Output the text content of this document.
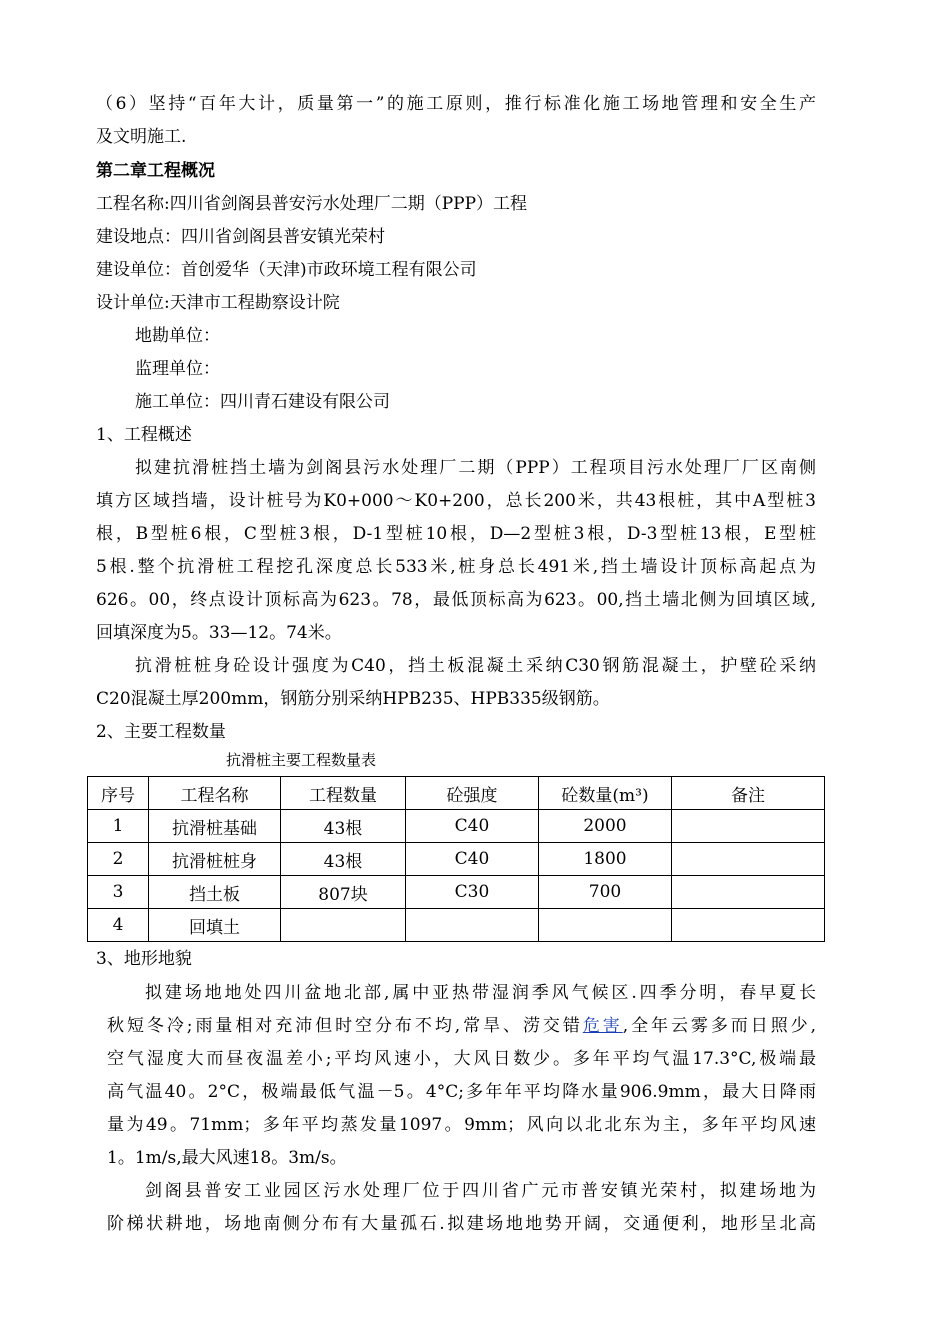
（6）坚持“百年大计，质量第一”的施工原则，推行标准化施工场地管理和安全生产
及文明施工.
第二章工程概况
工程名称:四川省剑阁县普安污水处理厂二期（PPP）工程
建设地点：四川省剑阁县普安镇光荣村
建设单位：首创爱华（天津)市政环境工程有限公司
设计单位:天津市工程勘察设计院
地勘单位：
监理单位：
施工单位：四川青石建设有限公司
1、工程概述
拟建抗滑桩挡土墙为剑阁县污水处理厂二期（PPP）工程项目污水处理厂厂区南侧
填方区域挡墙，设计桩号为K0+000～K0+200，总长200米，共43根桩，其中A型桩3
根，B型桩6根，C型桩3根，D-1型桩10根，D—2型桩3根，D-3型桩13根，E型桩
5根.整个抗滑桩工程挖孔深度总长533米,桩身总长491米,挡土墙设计顶标高起点为
626。00，终点设计顶标高为623。78，最低顶标高为623。00,挡土墙北侧为回填区域,
回填深度为5。33—12。74米。
抗滑桩桩身砼设计强度为C40，挡土板混凝土采纳C30钢筋混凝土，护壁砼采纳
C20混凝土厚200mm，钢筋分别采纳HPB235、HPB335级钢筋。
2、主要工程数量
抗滑桩主要工程数量表
序号	工程名称	工程数量	砼强度	砼数量(m³)	备注
1	抗滑桩基础	43根	C40	2000	
2	抗滑桩桩身	43根	C40	1800	
3	挡土板	807块	C30	700	
4	回填土				
3、地形地貌
拟建场地地处四川盆地北部,属中亚热带湿润季风气候区.四季分明，春早夏长
秋短冬冷;雨量相对充沛但时空分布不均,常旱、涝交错危害,全年云雾多而日照少,
空气湿度大而昼夜温差小;平均风速小，大风日数少。多年平均气温17.3°C,极端最
高气温40。2°C，极端最低气温－5。4°C;多年年平均降水量906.9mm，最大日降雨
量为49。71mm；多年平均蒸发量1097。9mm；风向以北北东为主，多年平均风速
1。1m/s,最大风速18。3m/s。
剑阁县普安工业园区污水处理厂位于四川省广元市普安镇光荣村，拟建场地为
阶梯状耕地，场地南侧分布有大量孤石.拟建场地地势开阔，交通便利，地形呈北高
